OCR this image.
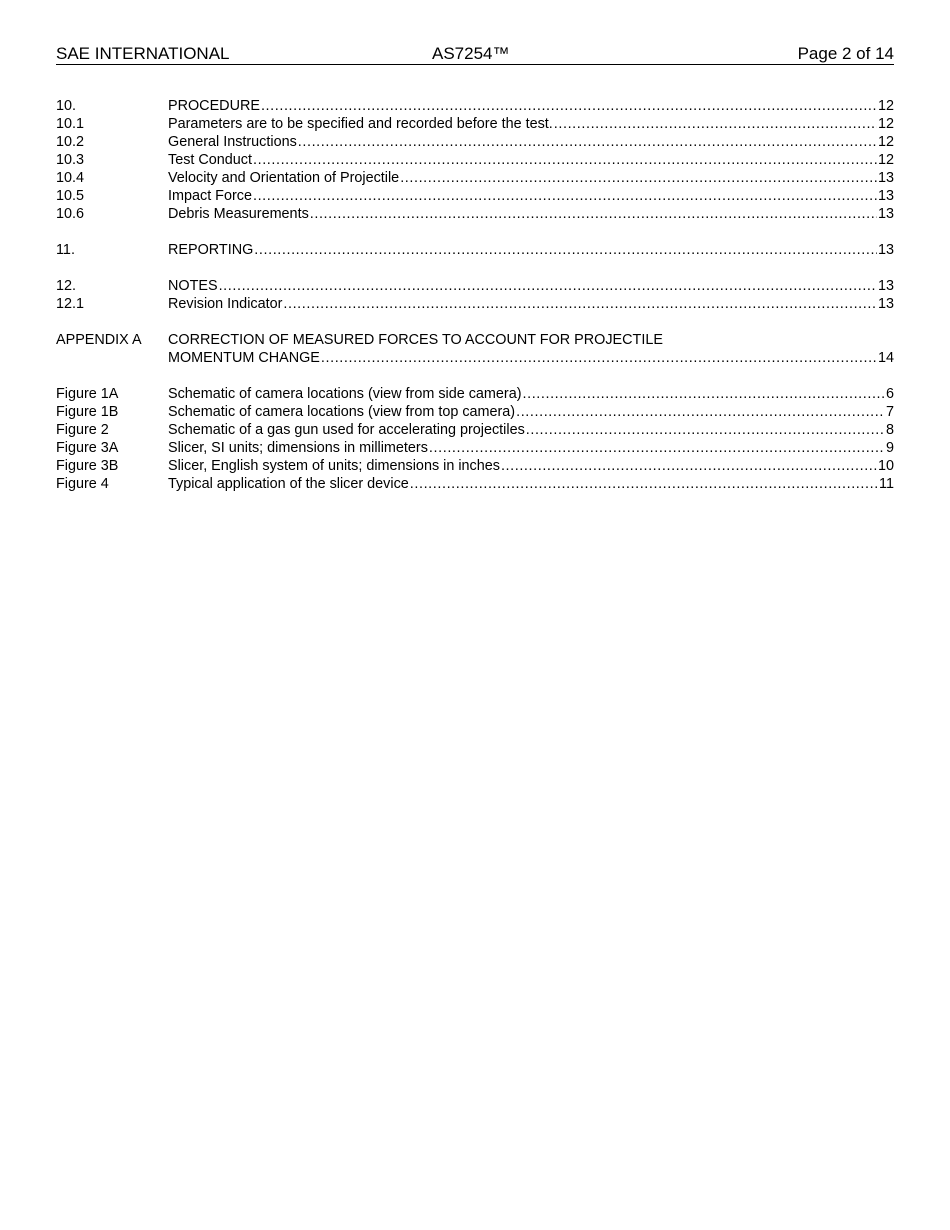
SAE INTERNATIONAL	AS7254™	Page 2 of 14
10.	PROCEDURE .....	12
10.1	Parameters are to be specified and recorded before the test. .....	12
10.2	General Instructions .....	12
10.3	Test Conduct .....	12
10.4	Velocity and Orientation of Projectile .....	13
10.5	Impact Force .....	13
10.6	Debris Measurements .....	13
11.	REPORTING .....	13
12.	NOTES .....	13
12.1	Revision Indicator .....	13
APPENDIX A	CORRECTION OF MEASURED FORCES TO ACCOUNT FOR PROJECTILE
MOMENTUM CHANGE .....	14
Figure 1A	Schematic of camera locations (view from side camera) .....	6
Figure 1B	Schematic of camera locations (view from top camera) .....	7
Figure 2	Schematic of a gas gun used for accelerating projectiles .....	8
Figure 3A	Slicer, SI units; dimensions in millimeters .....	9
Figure 3B	Slicer, English system of units; dimensions in inches .....	10
Figure 4	Typical application of the slicer device .....	11
